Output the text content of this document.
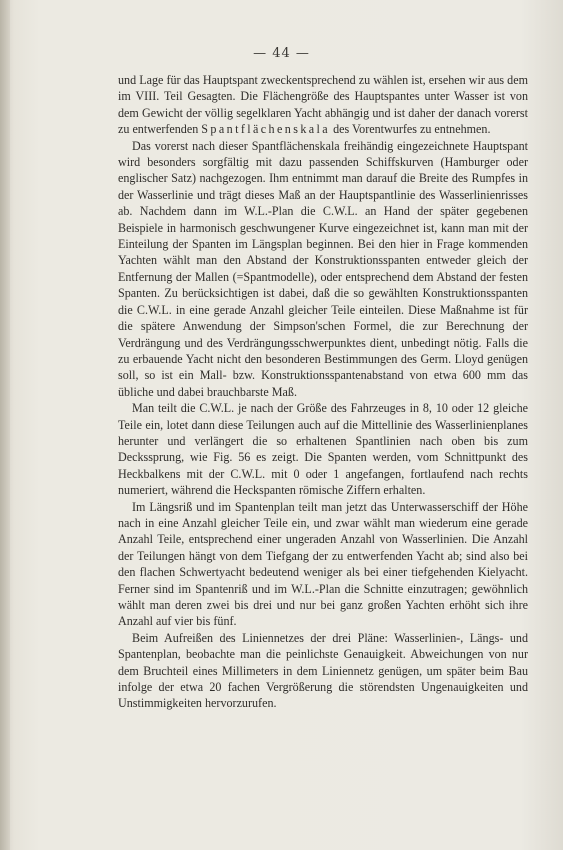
— 44 —

und Lage für das Hauptspant zweckentsprechend zu wählen ist, ersehen wir aus dem im VIII. Teil Gesagten. Die Flächengröße des Hauptspantes unter Wasser ist von dem Gewicht der völlig segelklaren Yacht abhängig und ist daher der danach vorerst zu entwerfenden Spantflächenskala des Vorentwurfes zu entnehmen.

Das vorerst nach dieser Spantflächenskala freihändig eingezeichnete Hauptspant wird besonders sorgfältig mit dazu passenden Schiffskurven (Hamburger oder englischer Satz) nachgezogen. Ihm entnimmt man darauf die Breite des Rumpfes in der Wasserlinie und trägt dieses Maß an der Hauptspantlinie des Wasserlinienrisses ab. Nachdem dann im W.L.-Plan die C.W.L. an Hand der später gegebenen Beispiele in harmonisch geschwungener Kurve eingezeichnet ist, kann man mit der Einteilung der Spanten im Längsplan beginnen. Bei den hier in Frage kommenden Yachten wählt man den Abstand der Konstruktionsspanten entweder gleich der Entfernung der Mallen (=Spantmodelle), oder entsprechend dem Abstand der festen Spanten. Zu berücksichtigen ist dabei, daß die so gewählten Konstruktionsspanten die C.W.L. in eine gerade Anzahl gleicher Teile einteilen. Diese Maßnahme ist für die spätere Anwendung der Simpson'schen Formel, die zur Berechnung der Verdrängung und des Verdrängungsschwerpunktes dient, unbedingt nötig. Falls die zu erbauende Yacht nicht den besonderen Bestimmungen des Germ. Lloyd genügen soll, so ist ein Mall- bzw. Konstruktionsspantenabstand von etwa 600 mm das übliche und dabei brauchbarste Maß.

Man teilt die C.W.L. je nach der Größe des Fahrzeuges in 8, 10 oder 12 gleiche Teile ein, lotet dann diese Teilungen auch auf die Mittellinie des Wasserlinienplanes herunter und verlängert die so erhaltenen Spantlinien nach oben bis zum Deckssprung, wie Fig. 56 es zeigt. Die Spanten werden, vom Schnittpunkt des Heckbalkens mit der C.W.L. mit 0 oder 1 angefangen, fortlaufend nach rechts numeriert, während die Heckspanten römische Ziffern erhalten.

Im Längsriß und im Spantenplan teilt man jetzt das Unterwasserschiff der Höhe nach in eine Anzahl gleicher Teile ein, und zwar wählt man wiederum eine gerade Anzahl Teile, entsprechend einer ungeraden Anzahl von Wasserlinien. Die Anzahl der Teilungen hängt von dem Tiefgang der zu entwerfenden Yacht ab; sind also bei den flachen Schwertyacht bedeutend weniger als bei einer tiefgehenden Kielyacht. Ferner sind im Spantenriß und im W.L.-Plan die Schnitte einzutragen; gewöhnlich wählt man deren zwei bis drei und nur bei ganz großen Yachten erhöht sich ihre Anzahl auf vier bis fünf.

Beim Aufreißen des Liniennetzes der drei Pläne: Wasserlinien-, Längs- und Spantenplan, beobachte man die peinlichste Genauigkeit. Abweichungen von nur dem Bruchteil eines Millimeters in dem Liniennetz genügen, um später beim Bau infolge der etwa 20 fachen Vergrößerung die störendsten Ungenauigkeiten und Unstimmigkeiten hervorzurufen.
